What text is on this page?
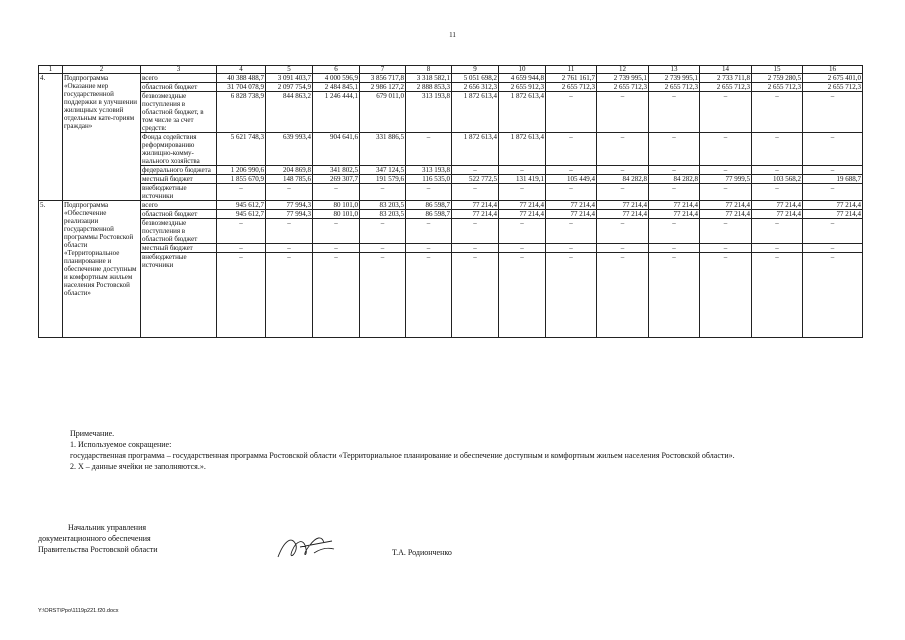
11
1	2	3	4	5	6	7	8	9	10	11	12	13	14	15	16
4.	Подпрограмма «Оказание мер государственной поддержки в улучшении жилищных условий отдельным кате-гориям граждан»	всего	40 388 488,7	3 091 403,7	4 000 596,9	3 856 717,8	3 318 582,1	5 051 698,2	4 659 944,8	2 761 161,7	2 739 995,1	2 739 995,1	2 733 711,8	2 759 280,5	2 675 401,0
		областной бюджет	31 704 078,9	2 097 754,9	2 484 845,1	2 986 127,2	2 888 853,3	2 656 312,3	2 655 912,3	2 655 712,3	2 655 712,3	2 655 712,3	2 655 712,3	2 655 712,3	2 655 712,3
		безвозмездные поступления в областной бюджет, в том числе за счет средств:	6 828 738,9	844 863,2	1 246 444,1	679 011,0	313 193,8	1 872 613,4	1 872 613,4	–	–	–	–	–	–
		Фонда содействия реформированию жилищно-комму-нального хозяйства	5 621 748,3	639 993,4	904 641,6	331 886,5	–	1 872 613,4	1 872 613,4	–	–	–	–	–	–
		федерального бюджета	1 206 990,6	204 869,8	341 802,5	347 124,5	313 193,8	–	–	–	–	–	–	–	–
		местный бюджет	1 855 670,9	148 785,6	269 307,7	191 579,6	116 535,0	522 772,5	131 419,1	105 449,4	84 282,8	84 282,8	77 999,5	103 568,2	19 688,7
		внебюджетные источники	–	–	–	–	–	–	–	–	–	–	–	–	–
5.	Подпрограмма «Обеспечение реализации государственной программы Ростовской области «Территориальное планирование и обеспечение доступным и комфортным жильем населения Ростовской области»	всего	945 612,7	77 994,3	80 101,0	83 203,5	86 598,7	77 214,4	77 214,4	77 214,4	77 214,4	77 214,4	77 214,4	77 214,4	77 214,4
		областной бюджет	945 612,7	77 994,3	80 101,0	83 203,5	86 598,7	77 214,4	77 214,4	77 214,4	77 214,4	77 214,4	77 214,4	77 214,4	77 214,4
		безвозмездные поступления в областной бюджет	–	–	–	–	–	–	–	–	–	–	–	–	–
		местный бюджет	–	–	–	–	–	–	–	–	–	–	–	–	–
		внебюджетные источники	–	–	–	–	–	–	–	–	–	–	–	–	–

Примечание.

1. Используемое сокращение:

государственная программа – государственная программа Ростовской области «Территориальное планирование и обеспечение доступным и комфортным жильем населения Ростовской области».

2. Х – данные ячейки не заполняются.».

Начальник управления
документационного обеспечения
Правительства Ростовской области	Т.А. Родионченко
Y:\ORST\Ppo\1119p221.f20.docx
